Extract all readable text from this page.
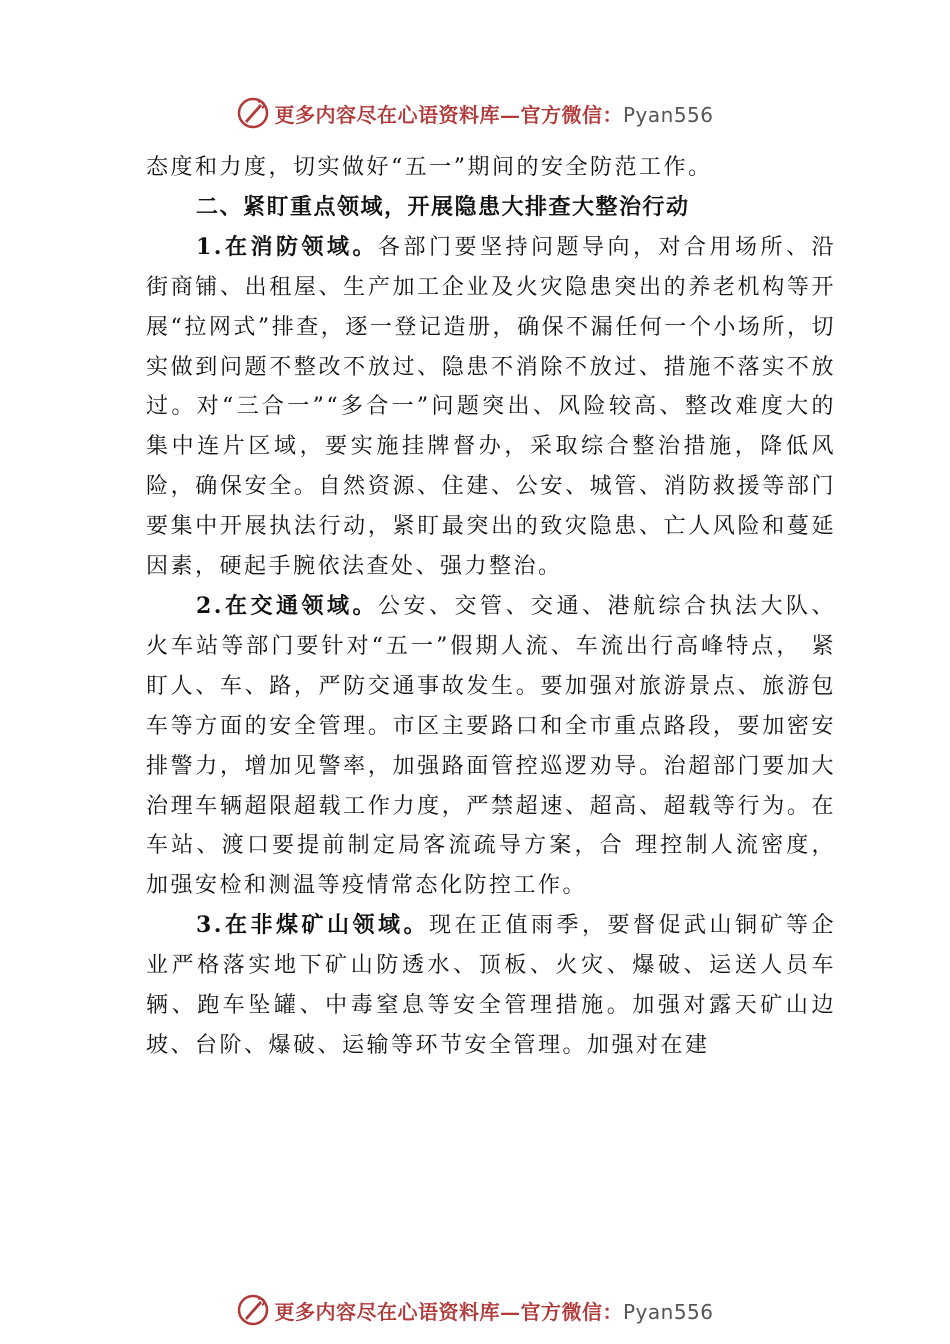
更多内容尽在心语资料库—官方微信：Pyan556

态度和力度，切实做好“五一”期间的安全防范工作。

二、紧盯重点领域，开展隐患大排查大整治行动

1.在消防领域。各部门要坚持问题导向，对合用场所、沿街商铺、出租屋、生产加工企业及火灾隐患突出的养老机构等开展“拉网式”排查，逐一登记造册，确保不漏任何一个小场所，切实做到问题不整改不放过、隐患不消除不放过、措施不落实不放过。对“三合一”“多合一”问题突出、风险较高、整改难度大的集中连片区域，要实施挂牌督办，采取综合整治措施，降低风险，确保安全。自然资源、住建、公安、城管、消防救援等部门要集中开展执法行动，紧盯最突出的致灾隐患、亡人风险和蔓延因素，硬起手腕依法查处、强力整治。

2.在交通领域。公安、交管、交通、港航综合执法大队、火车站等部门要针对“五一”假期人流、车流出行高峰特点， 紧盯人、车、路，严防交通事故发生。要加强对旅游景点、旅游包车等方面的安全管理。市区主要路口和全市重点路段，要加密安排警力，增加见警率，加强路面管控巡逻劝导。治超部门要加大治理车辆超限超载工作力度，严禁超速、超高、超载等行为。在车站、渡口要提前制定局客流疏导方案，合 理控制人流密度，加强安检和测温等疫情常态化防控工作。

3.在非煤矿山领域。现在正值雨季，要督促武山铜矿等企业严格落实地下矿山防透水、顶板、火灾、爆破、运送人员车辆、跑车坠罐、中毒窒息等安全管理措施。加强对露天矿山边坡、台阶、爆破、运输等环节安全管理。加强对在建

更多内容尽在心语资料库—官方微信：Pyan556
